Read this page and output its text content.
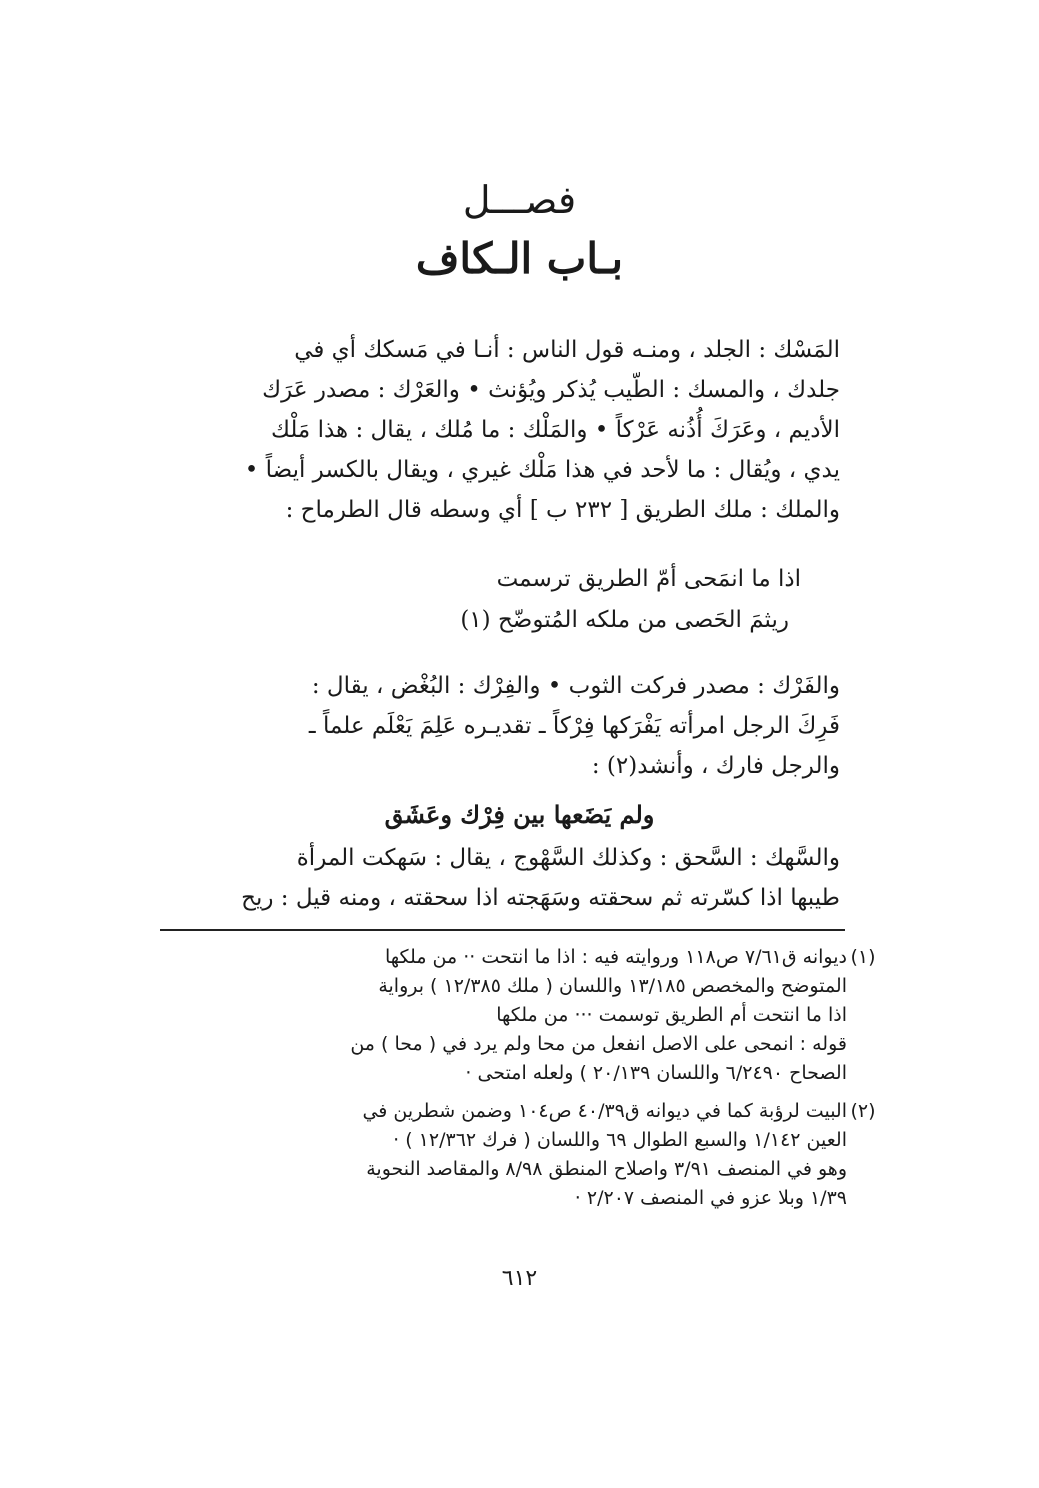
فصـــل
بـاب الـكاف

المَسْك : الجلد ، ومنـه قول الناس : أنـا في مَسكك أي في

جلدك ، والمسك : الطّيب يُذكر ويُؤنث • والعَرْك : مصدر عَرَك

الأديم ، وعَرَكَ أُذُنه عَرْكاً • والمَلْك : ما مُلك ، يقال : هذا مَلْك

يدي ، ويُقال : ما لأحد في هذا مَلْك غيري ، ويقال بالكسر أيضاً •

والملك : ملك الطريق [ ٢٣٢ ب ] أي وسطه قال الطرماح :

اذا ما انمَحى أمّ الطريق ترسمت
ريثمَ الحَصى من ملكه المُتوضّح (١)

والفَرْك : مصدر فركت الثوب • والفِرْك : البُغْض ، يقال :

فَرِكَ الرجل امرأته يَفْرَكها فِرْكاً ـ تقديـره عَلِمَ يَعْلَم علماً ـ

والرجل فارك ، وأنشد(٢) :

ولم يَضَعها بين فِرْك وعَشَق

والسَّهك : السَّحق : وكذلك السَّهْوج ، يقال : سَهكت المرأة

طيبها اذا كسّرته ثم سحقته وسَهَجته اذا سحقته ، ومنه قيل : ريح

(١)
ديوانه ق٧/٦١ ص١١٨ وروايته فيه : اذا ما انتحت ·· من ملكها
المتوضح والمخصص ١٣/١٨٥ واللسان ( ملك ١٢/٣٨٥ ) برواية
اذا ما انتحت أم الطريق توسمت ··· من ملكها
قوله : انمحى على الاصل انفعل من محا ولم يرد في ( محا ) من
الصحاح ٦/٢٤٩٠ واللسان ٢٠/١٣٩ ) ولعله امتحى ·
(٢)
البيت لرؤبة كما في ديوانه ق٤٠/٣٩ ص١٠٤ وضمن شطرين في
العين ١/١٤٢ والسبع الطوال ٦٩ واللسان ( فرك ١٢/٣٦٢ ) ·
وهو في المنصف ٣/٩١ واصلاح المنطق ٨/٩٨ والمقاصد النحوية
١/٣٩ وبلا عزو في المنصف ٢/٢٠٧ ·
٦١٢
